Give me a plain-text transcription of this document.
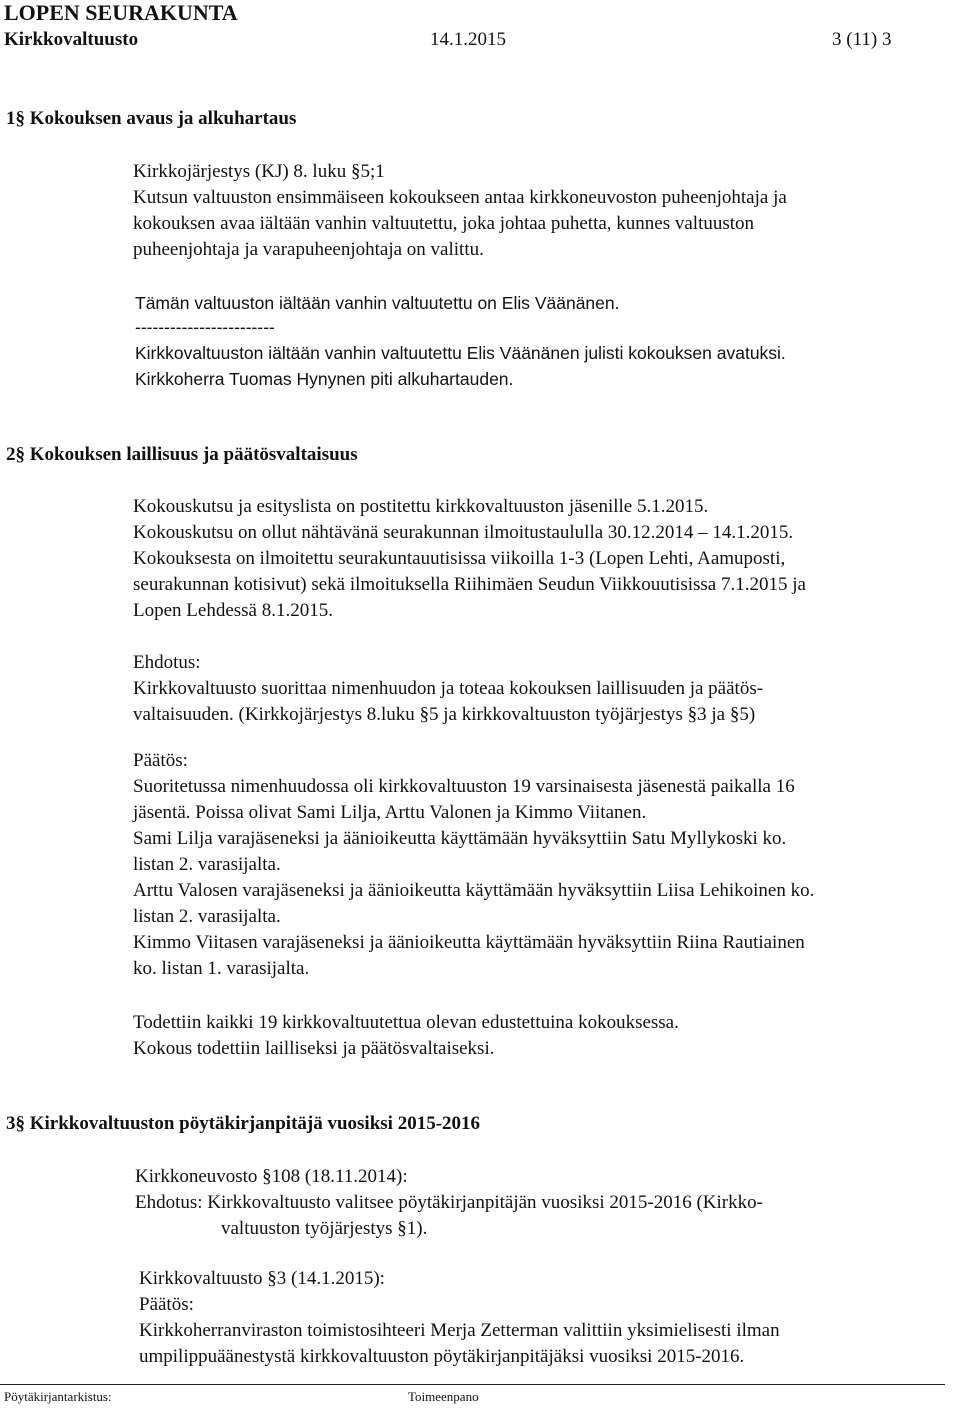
LOPEN SEURAKUNTA
Kirkkovaltuusto	14.1.2015	3 (11) 3
1§ Kokouksen avaus ja alkuhartaus

Kirkkojärjestys (KJ) 8. luku §5;1

Kutsun valtuuston ensimmäiseen kokoukseen antaa kirkkoneuvoston puheenjohtaja ja

kokouksen avaa iältään vanhin valtuutettu, joka johtaa puhetta, kunnes valtuuston

puheenjohtaja ja varapuheenjohtaja on valittu.

Tämän valtuuston iältään vanhin valtuutettu on Elis Väänänen.
------------------------
Kirkkovaltuuston iältään vanhin valtuutettu Elis Väänänen julisti kokouksen avatuksi.
Kirkkoherra Tuomas Hynynen piti alkuhartauden.
2§ Kokouksen laillisuus ja päätösvaltaisuus

Kokouskutsu ja esityslista on postitettu kirkkovaltuuston jäsenille 5.1.2015.

Kokouskutsu on ollut nähtävänä seurakunnan ilmoitustaululla 30.12.2014 – 14.1.2015.

Kokouksesta on ilmoitettu seurakuntauutisissa viikoilla 1-3 (Lopen Lehti, Aamuposti,

seurakunnan kotisivut) sekä ilmoituksella Riihimäen Seudun Viikkouutisissa 7.1.2015 ja

Lopen Lehdessä 8.1.2015.

Ehdotus:

Kirkkovaltuusto suorittaa nimenhuudon ja toteaa kokouksen laillisuuden ja päätös-

valtaisuuden. (Kirkkojärjestys 8.luku §5 ja kirkkovaltuuston työjärjestys §3 ja §5)

Päätös:

Suoritetussa nimenhuudossa oli kirkkovaltuuston 19 varsinaisesta jäsenestä paikalla 16

jäsentä. Poissa olivat Sami Lilja, Arttu Valonen ja Kimmo Viitanen.

Sami Lilja varajäseneksi ja äänioikeutta käyttämään hyväksyttiin Satu Myllykoski ko.

listan 2. varasijalta.

Arttu Valosen varajäseneksi ja äänioikeutta käyttämään hyväksyttiin Liisa Lehikoinen ko.

listan 2. varasijalta.

Kimmo Viitasen varajäseneksi ja äänioikeutta käyttämään hyväksyttiin Riina Rautiainen

ko. listan 1. varasijalta.

Todettiin kaikki 19 kirkkovaltuutettua olevan edustettuina kokouksessa.

Kokous todettiin lailliseksi ja päätösvaltaiseksi.

3§ Kirkkovaltuuston pöytäkirjanpitäjä vuosiksi 2015-2016
Kirkkoneuvosto §108 (18.11.2014):
Ehdotus: Kirkkovaltuusto valitsee pöytäkirjanpitäjän vuosiksi 2015-2016 (Kirkko-
valtuuston työjärjestys §1).
Kirkkovaltuusto §3 (14.1.2015):
Päätös:
Kirkkoherranviraston toimistosihteeri Merja Zetterman valittiin yksimielisesti ilman
umpilippuäänestystä kirkkovaltuuston pöytäkirjanpitäjäksi vuosiksi 2015-2016.
Pöytäkirjantarkistus:	Toimeenpano
